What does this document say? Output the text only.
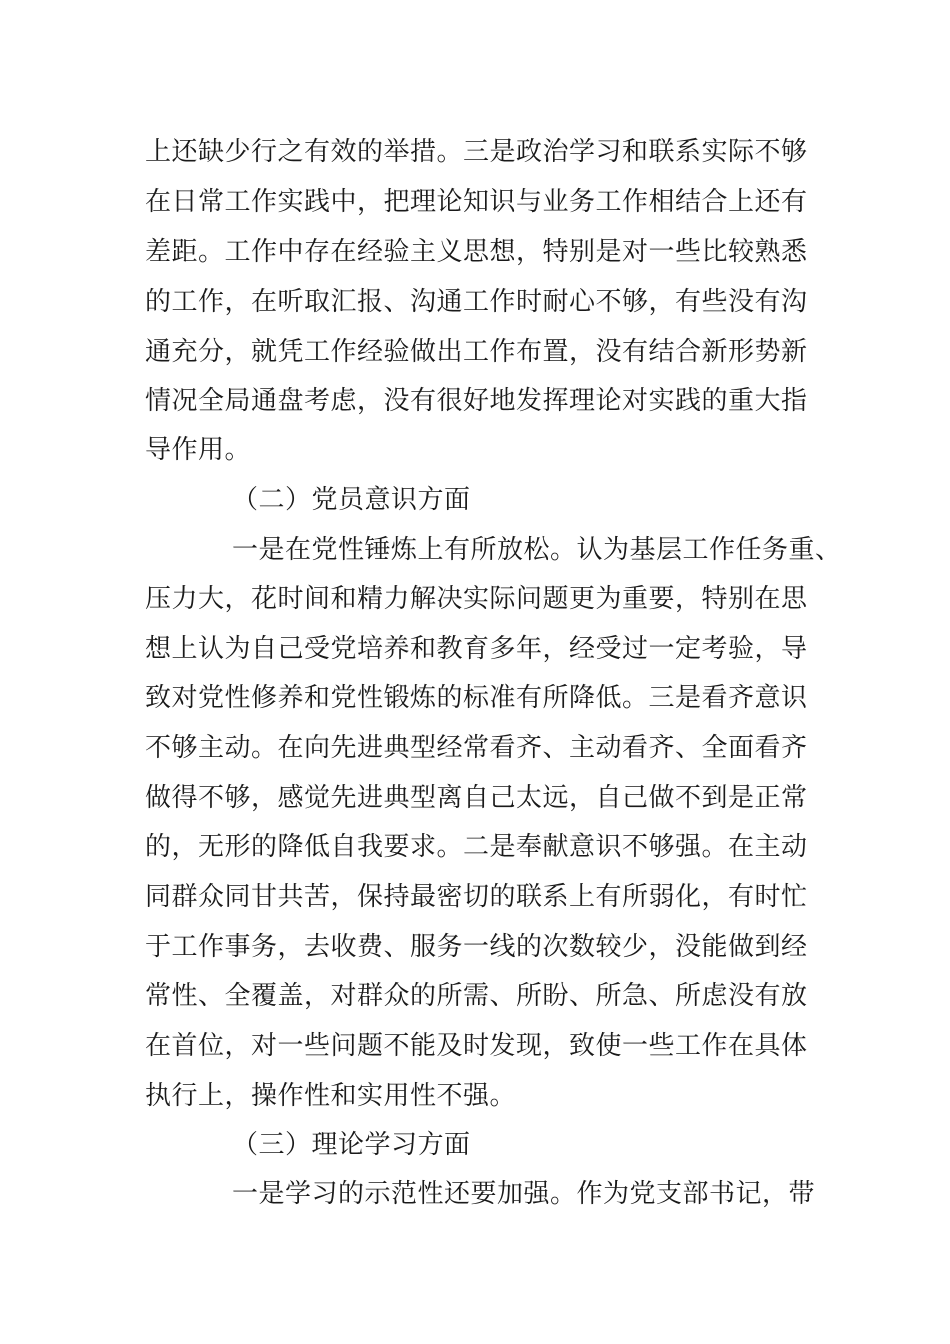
上还缺少行之有效的举措。三是政治学习和联系实际不够
在日常工作实践中，把理论知识与业务工作相结合上还有
差距。工作中存在经验主义思想，特别是对一些比较熟悉
的工作，在听取汇报、沟通工作时耐心不够，有些没有沟
通充分，就凭工作经验做出工作布置，没有结合新形势新
情况全局通盘考虑，没有很好地发挥理论对实践的重大指
导作用。
（二）党员意识方面
一是在党性锤炼上有所放松。认为基层工作任务重、
压力大，花时间和精力解决实际问题更为重要，特别在思
想上认为自己受党培养和教育多年，经受过一定考验，导
致对党性修养和党性锻炼的标准有所降低。三是看齐意识
不够主动。在向先进典型经常看齐、主动看齐、全面看齐
做得不够，感觉先进典型离自己太远，自己做不到是正常
的，无形的降低自我要求。二是奉献意识不够强。在主动
同群众同甘共苦，保持最密切的联系上有所弱化，有时忙
于工作事务，去收费、服务一线的次数较少，没能做到经
常性、全覆盖，对群众的所需、所盼、所急、所虑没有放
在首位，对一些问题不能及时发现，致使一些工作在具体
执行上，操作性和实用性不强。
（三）理论学习方面
一是学习的示范性还要加强。作为党支部书记，带
